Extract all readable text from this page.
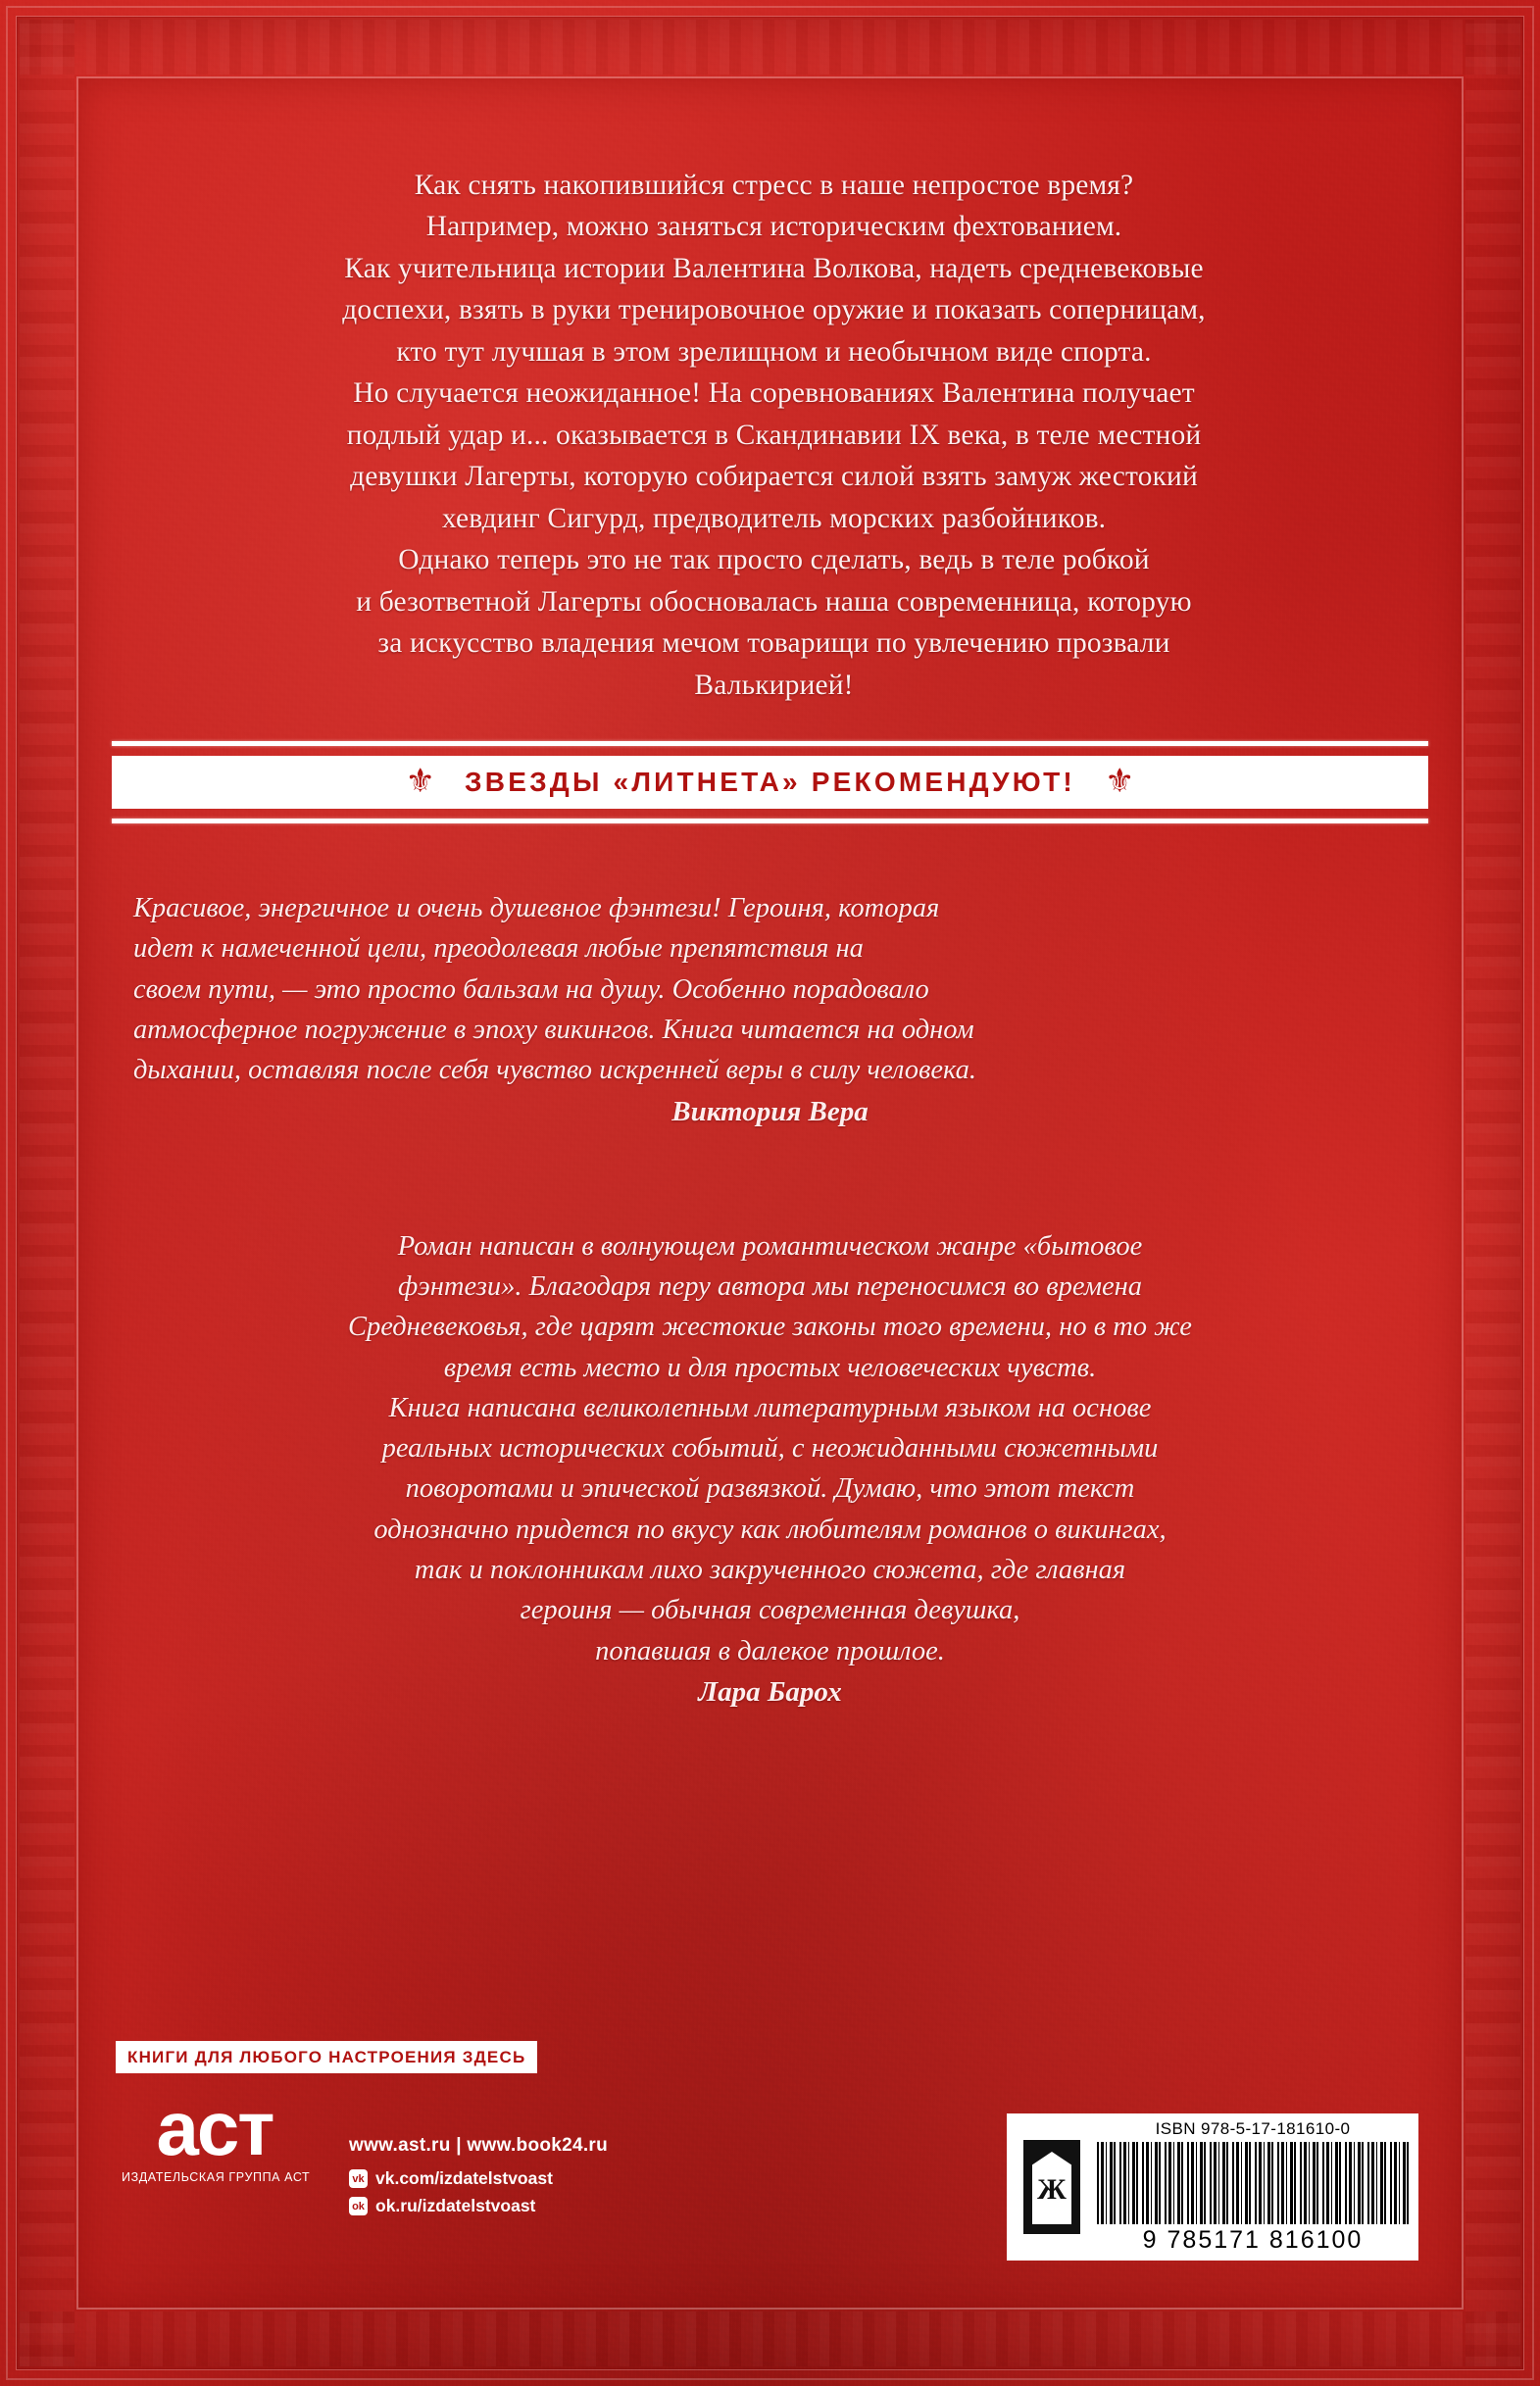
Как снять накопившийся стресс в наше непростое время?

Например, можно заняться историческим фехтованием.

Как учительница истории Валентина Волкова, надеть средневековые

доспехи, взять в руки тренировочное оружие и показать соперницам,

кто тут лучшая в этом зрелищном и необычном виде спорта.

Но случается неожиданное! На соревнованиях Валентина получает

подлый удар и... оказывается в Скандинавии IX века, в теле местной

девушки Лагерты, которую собирается силой взять замуж жестокий

хевдинг Сигурд, предводитель морских разбойников.

Однако теперь это не так просто сделать, ведь в теле робкой

и безответной Лагерты обосновалась наша современница, которую

за искусство владения мечом товарищи по увлечению прозвали

Валькирией!

⚜ ЗВЕЗДЫ «ЛИТНЕТА» РЕКОМЕНДУЮТ! ⚜

Красивое, энергичное и очень душевное фэнтези! Героиня, которая

идет к намеченной цели, преодолевая любые препятствия на

своем пути, — это просто бальзам на душу. Особенно порадовало

атмосферное погружение в эпоху викингов. Книга читается на одном

дыхании, оставляя после себя чувство искренней веры в силу человека.

Виктория Вера

Роман написан в волнующем романтическом жанре «бытовое

фэнтези». Благодаря перу автора мы переносимся во времена

Средневековья, где царят жестокие законы того времени, но в то же

время есть место и для простых человеческих чувств.

Книга написана великолепным литературным языком на основе

реальных исторических событий, с неожиданными сюжетными

поворотами и эпической развязкой. Думаю, что этот текст

однозначно придется по вкусу как любителям романов о викингах,

так и поклонникам лихо закрученного сюжета, где главная

героиня — обычная современная девушка,

попавшая в далекое прошлое.

Лара Барох

КНИГИ ДЛЯ ЛЮБОГО НАСТРОЕНИЯ ЗДЕСЬ
аст
ИЗДАТЕЛЬСКАЯ ГРУППА АСТ
www.ast.ru | www.book24.ru
vk vk.com/izdatelstvoast
ok ok.ru/izdatelstvoast
Ж
ISBN 978-5-17-181610-0
9 785171 816100
